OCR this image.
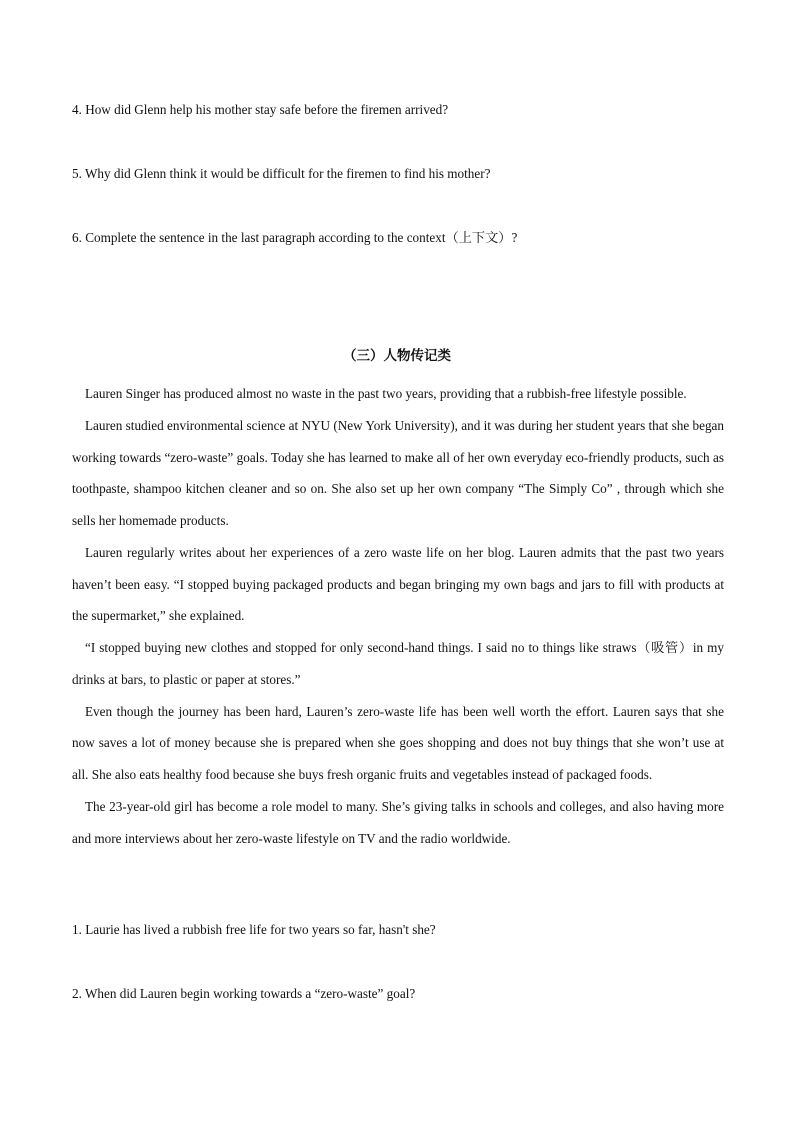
4. How did Glenn help his mother stay safe before the firemen arrived?

5. Why did Glenn think it would be difficult for the firemen to find his mother?

6. Complete the sentence in the last paragraph according to the context（上下文）?

（三）人物传记类

Lauren Singer has produced almost no waste in the past two years, providing that a rubbish-free lifestyle possible.

Lauren studied environmental science at NYU (New York University), and it was during her student years that she began working towards “zero-waste” goals. Today she has learned to make all of her own everyday eco-friendly products, such as toothpaste, shampoo kitchen cleaner and so on. She also set up her own company “The Simply Co” , through which she sells her homemade products.

Lauren regularly writes about her experiences of a zero waste life on her blog. Lauren admits that the past two years haven’t been easy. “I stopped buying packaged products and began bringing my own bags and jars to fill with products at the supermarket,” she explained.

“I stopped buying new clothes and stopped for only second-hand things. I said no to things like straws（吸管）in my drinks at bars, to plastic or paper at stores.”

Even though the journey has been hard, Lauren’s zero-waste life has been well worth the effort. Lauren says that she now saves a lot of money because she is prepared when she goes shopping and does not buy things that she won’t use at all. She also eats healthy food because she buys fresh organic fruits and vegetables instead of packaged foods.

The 23-year-old girl has become a role model to many. She’s giving talks in schools and colleges, and also having more and more interviews about her zero-waste lifestyle on TV and the radio worldwide.

1. Laurie has lived a rubbish free life for two years so far, hasn't she?

2. When did Lauren begin working towards a “zero-waste” goal?
